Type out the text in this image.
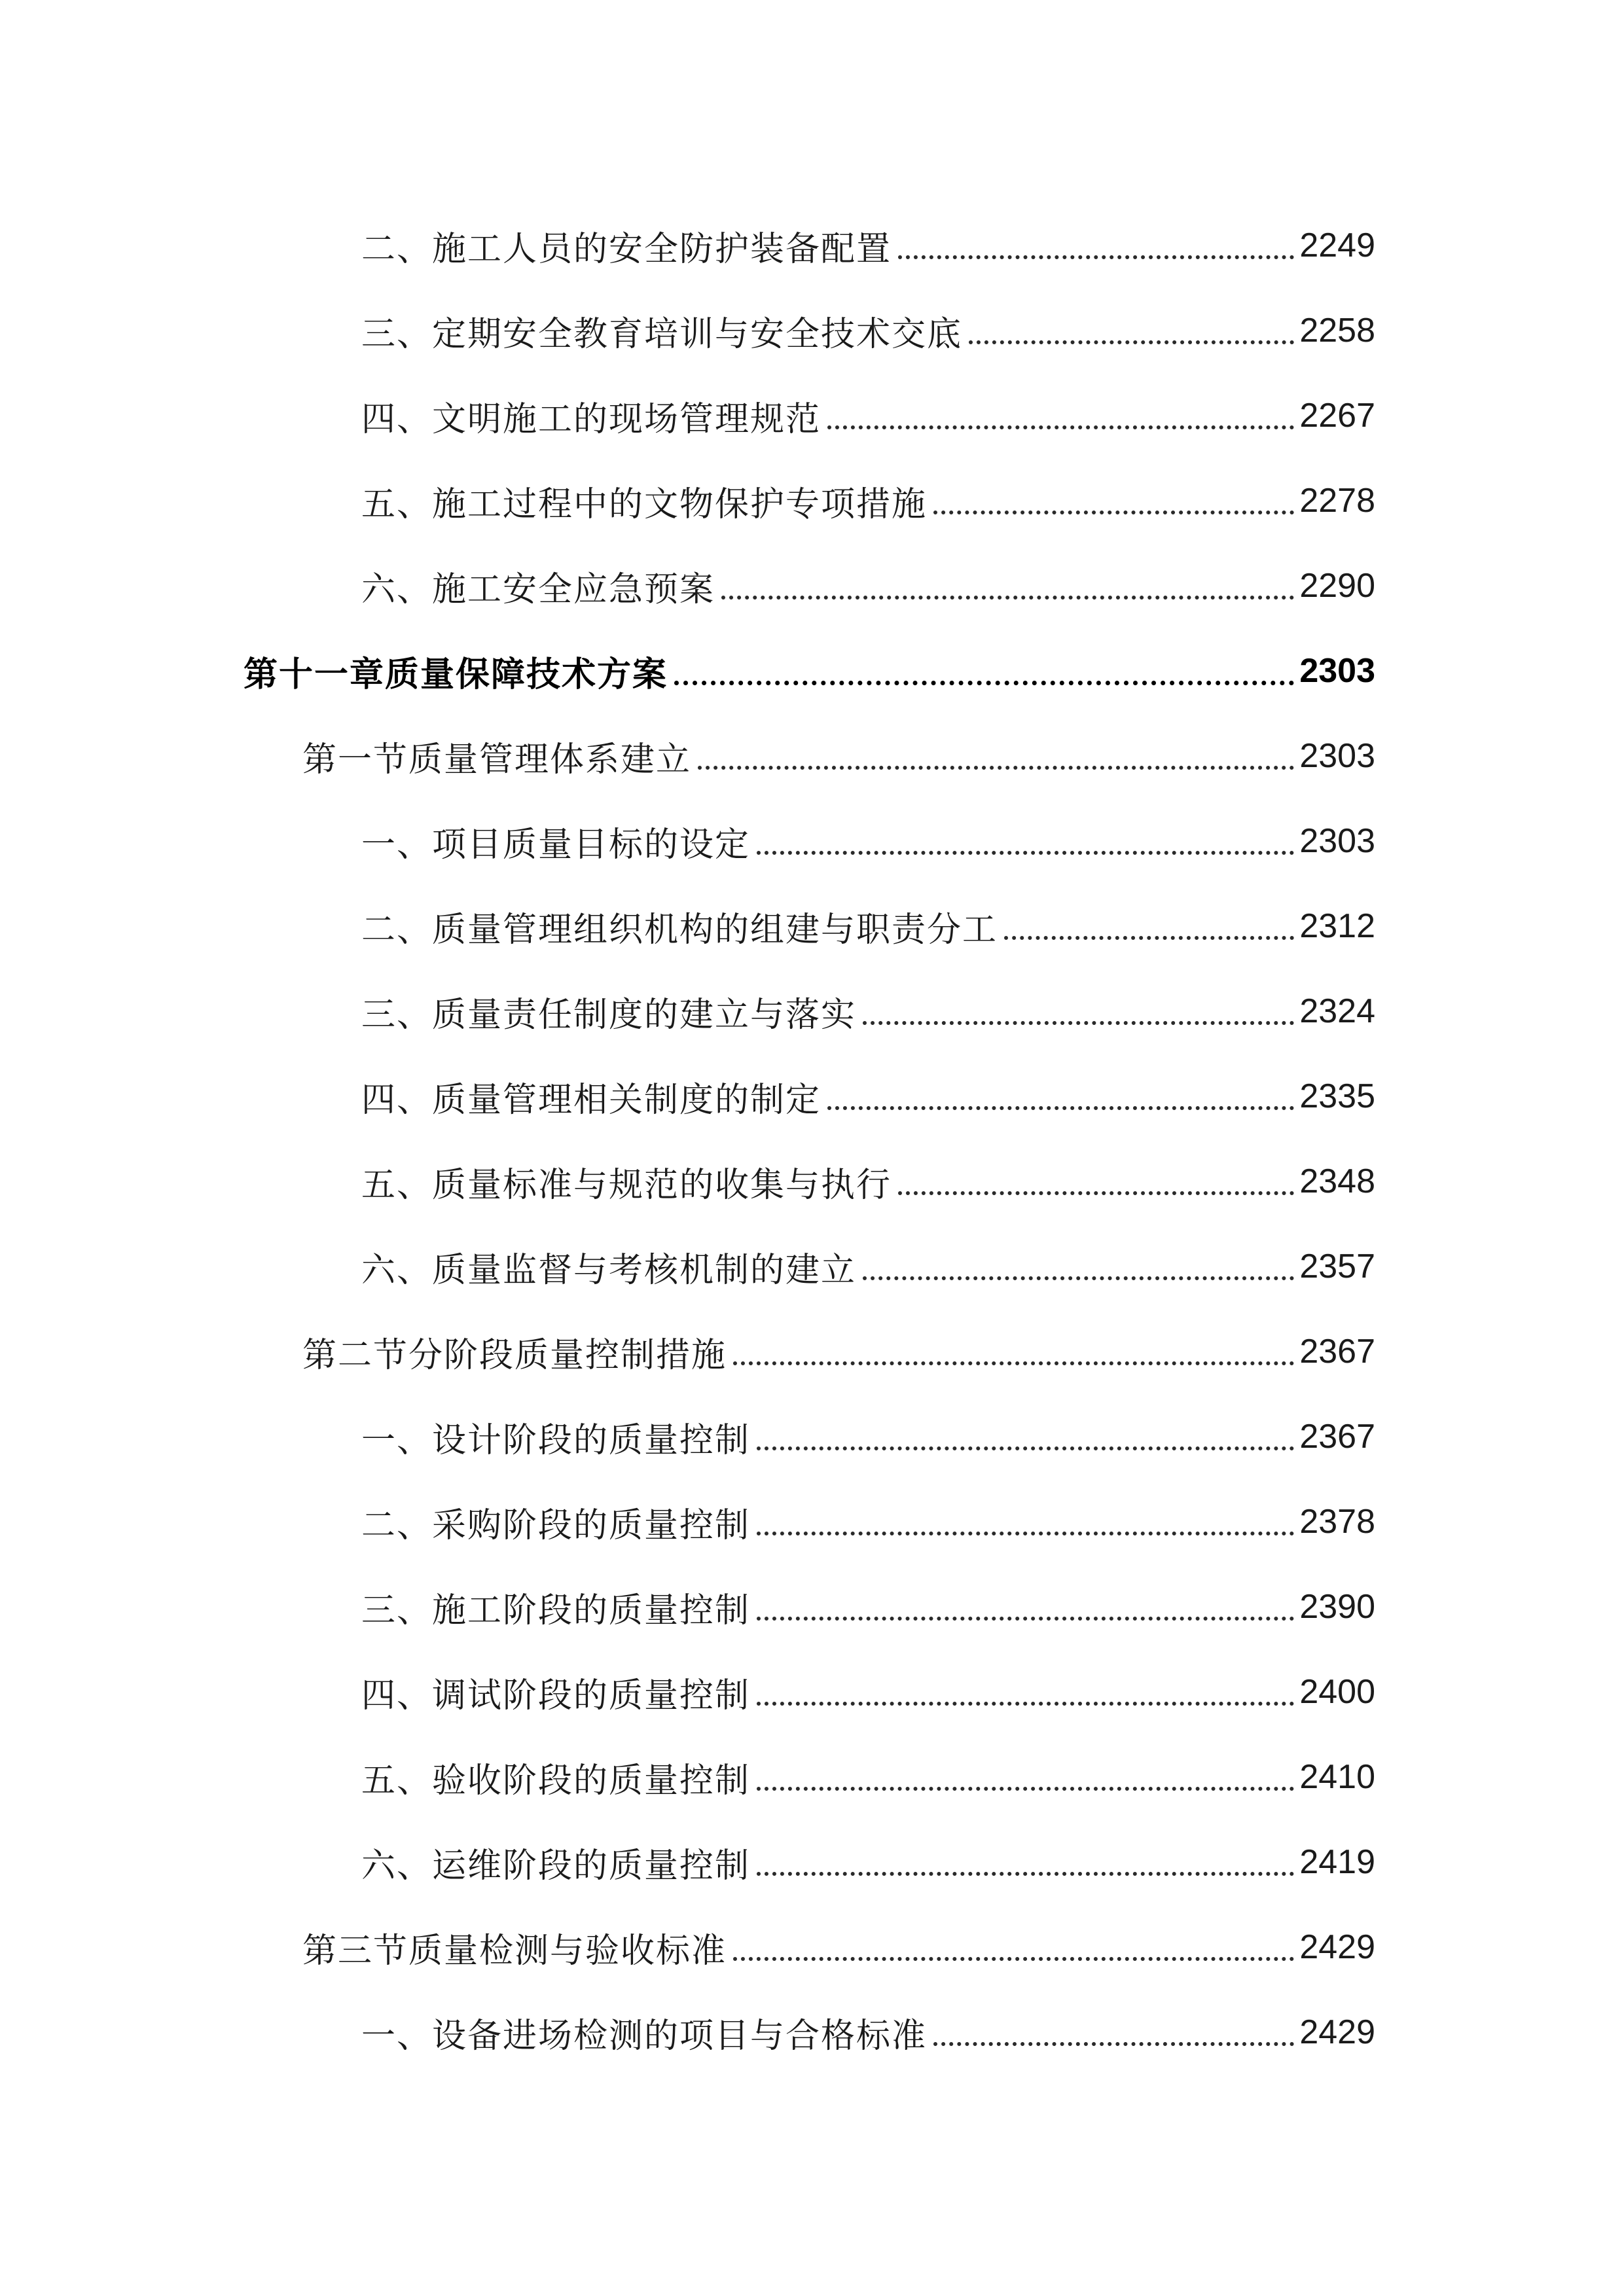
二、施工人员的安全防护装备配置	2249
三、定期安全教育培训与安全技术交底	2258
四、文明施工的现场管理规范	2267
五、施工过程中的文物保护专项措施	2278
六、施工安全应急预案	2290
第十一章质量保障技术方案	2303
第一节质量管理体系建立	2303
一、项目质量目标的设定	2303
二、质量管理组织机构的组建与职责分工	2312
三、质量责任制度的建立与落实	2324
四、质量管理相关制度的制定	2335
五、质量标准与规范的收集与执行	2348
六、质量监督与考核机制的建立	2357
第二节分阶段质量控制措施	2367
一、设计阶段的质量控制	2367
二、采购阶段的质量控制	2378
三、施工阶段的质量控制	2390
四、调试阶段的质量控制	2400
五、验收阶段的质量控制	2410
六、运维阶段的质量控制	2419
第三节质量检测与验收标准	2429
一、设备进场检测的项目与合格标准	2429
